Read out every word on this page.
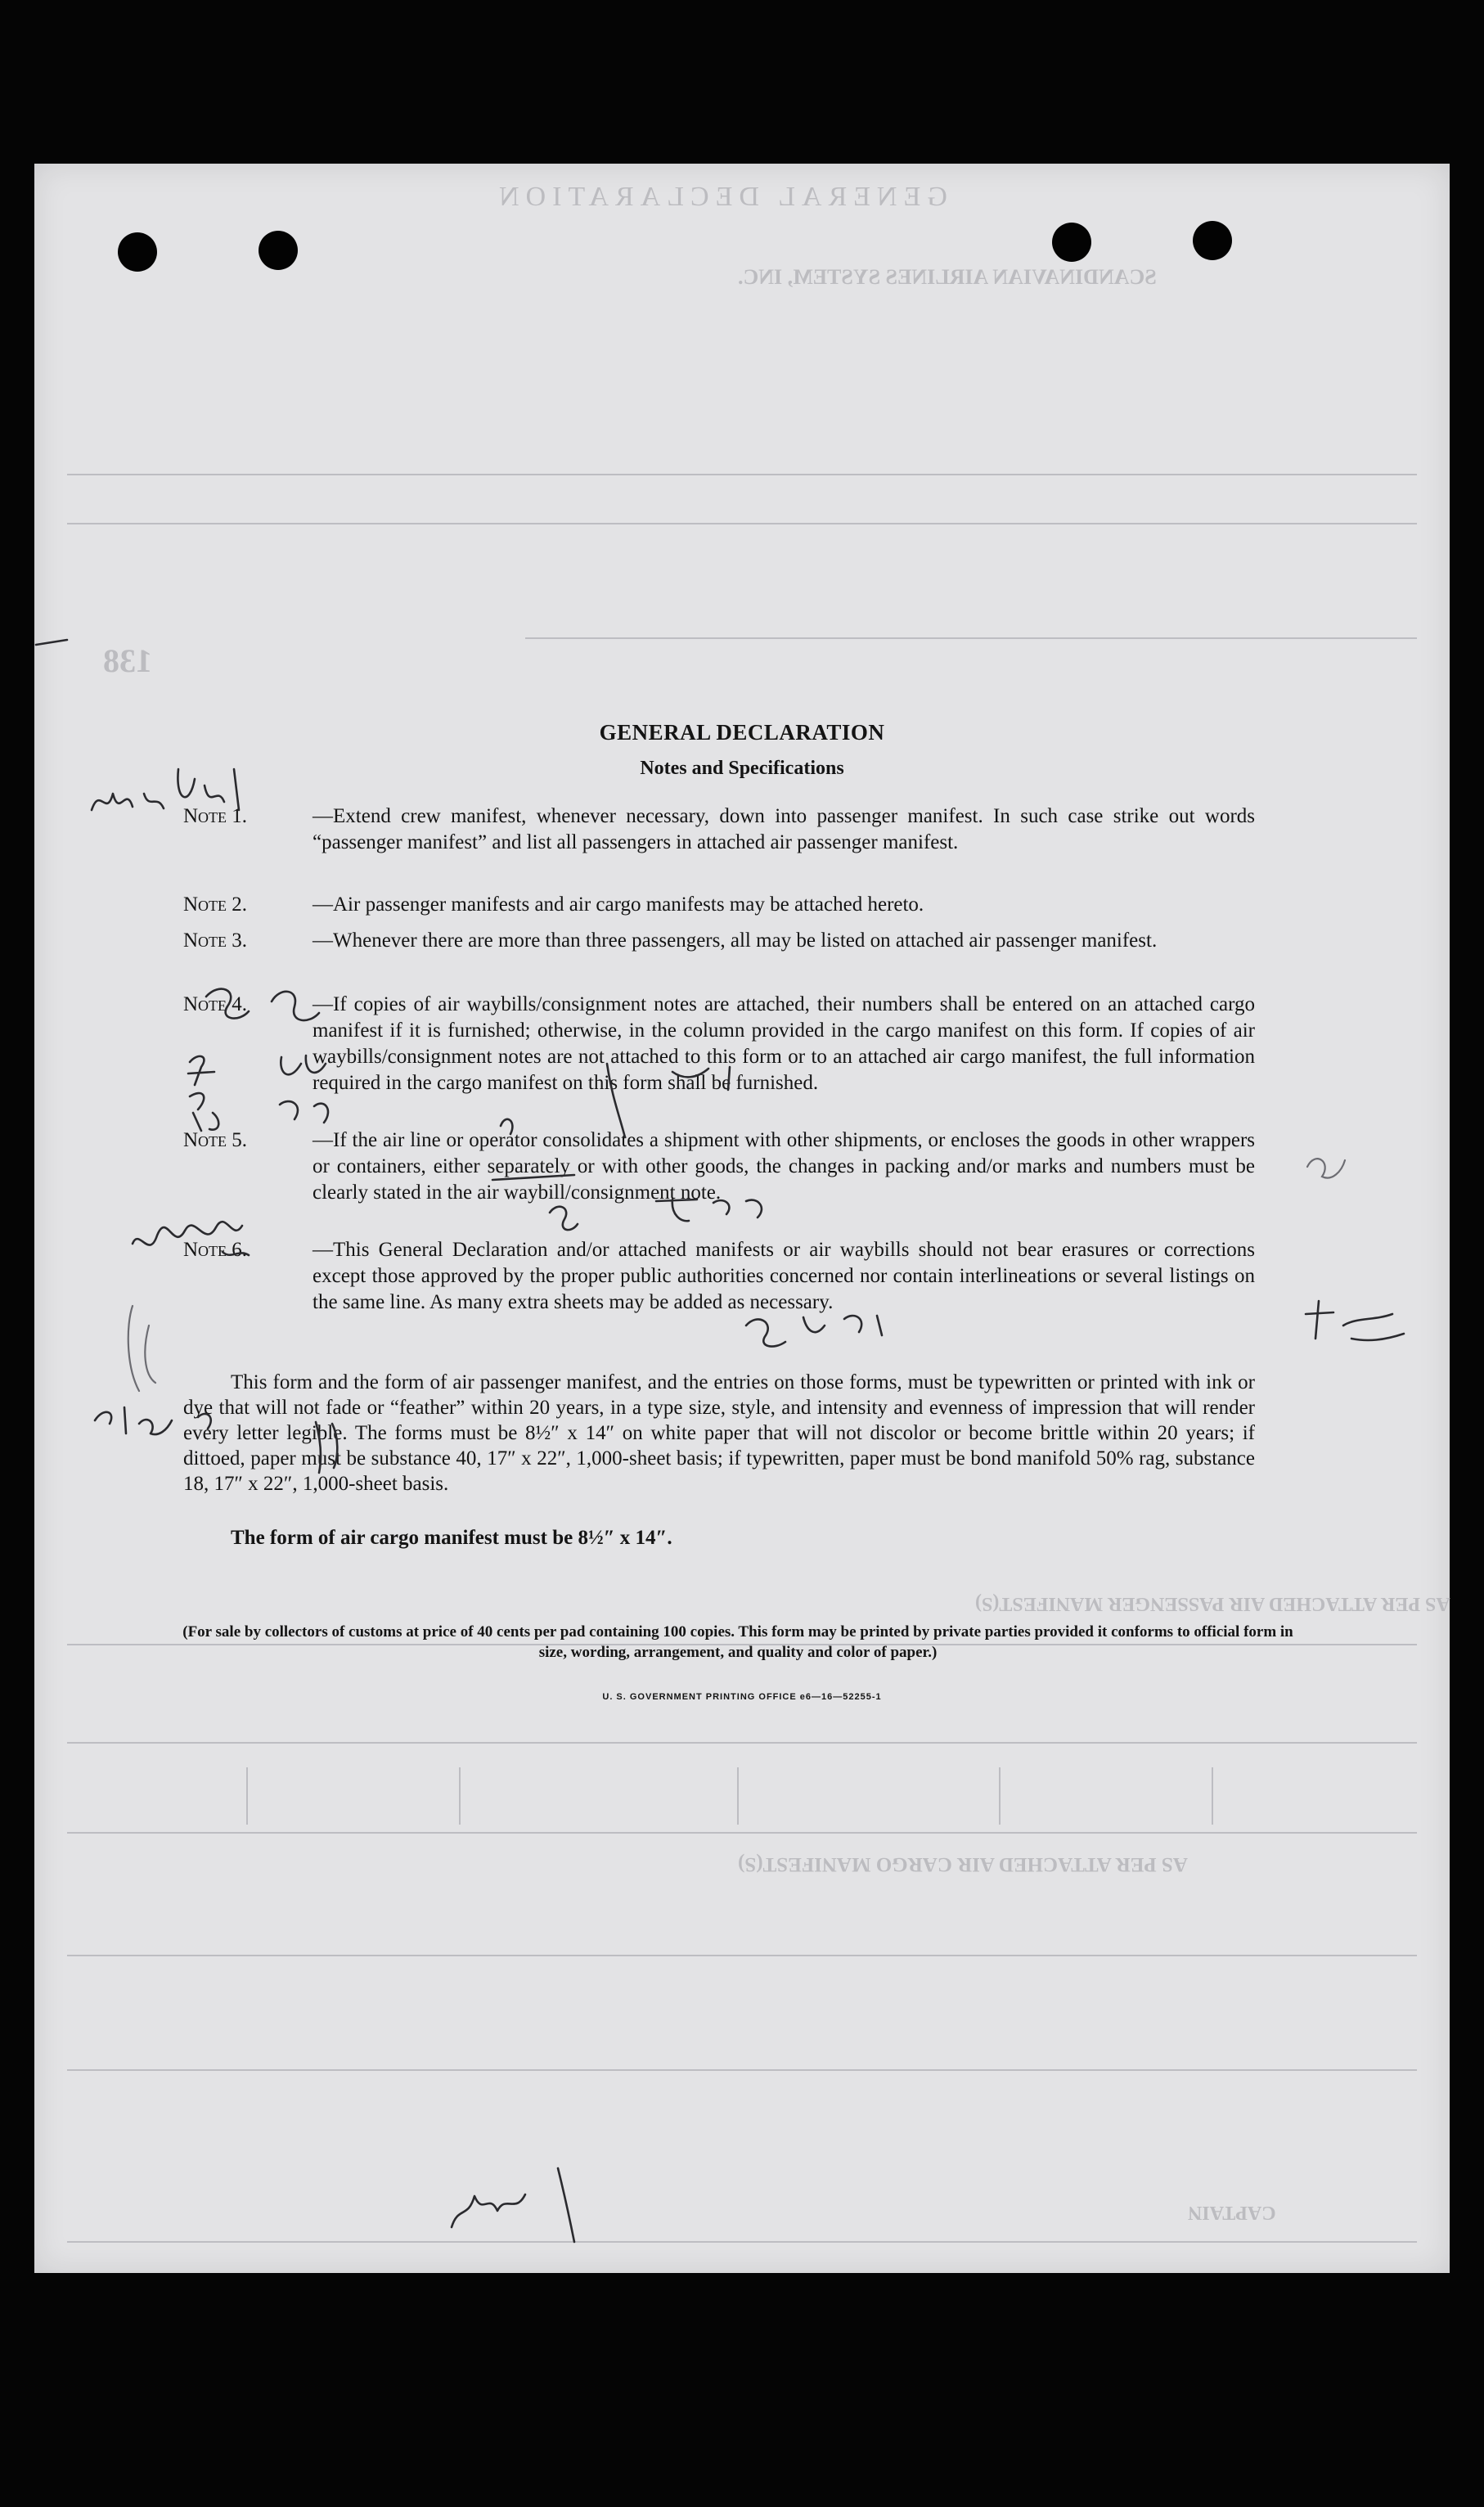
GENERAL DECLARATION
SCANDINAVIAN AIRLINES SYSTEM, INC.
138
AS PER ATTACHED AIR PASSENGER MANIFEST(S)
AS PER ATTACHED AIR CARGO MANIFEST(S)
CAPTAIN
GENERAL DECLARATION
Notes and Specifications
Note 1.	—Extend crew manifest, whenever necessary, down into passenger manifest. In such case strike out words “passenger manifest” and list all passengers in attached air passenger manifest.
Note 2.	—Air passenger manifests and air cargo manifests may be attached hereto.
Note 3.	—Whenever there are more than three passengers, all may be listed on attached air passenger manifest.
Note 4.	—If copies of air waybills/consignment notes are attached, their numbers shall be entered on an attached cargo manifest if it is furnished; otherwise, in the column provided in the cargo manifest on this form. If copies of air waybills/consignment notes are not attached to this form or to an attached air cargo manifest, the full information required in the cargo manifest on this form shall be furnished.
Note 5.	—If the air line or operator consolidates a shipment with other shipments, or encloses the goods in other wrappers or containers, either separately or with other goods, the changes in packing and/or marks and numbers must be clearly stated in the air waybill/consignment note.
Note 6.	—This General Declaration and/or attached manifests or air waybills should not bear erasures or corrections except those approved by the proper public authorities concerned nor contain interlineations or several listings on the same line. As many extra sheets may be added as necessary.
This form and the form of air passenger manifest, and the entries on those forms, must be typewritten or printed with ink or dye that will not fade or “feather” within 20 years, in a type size, style, and intensity and evenness of impression that will render every letter legible. The forms must be 8½″ x 14″ on white paper that will not discolor or become brittle within 20 years; if dittoed, paper must be substance 40, 17″ x 22″, 1,000-sheet basis; if typewritten, paper must be bond manifold 50% rag, substance 18, 17″ x 22″, 1,000-sheet basis.
The form of air cargo manifest must be 8½″ x 14″.
(For sale by collectors of customs at price of 40 cents per pad containing 100 copies. This form may be printed by private parties provided it conforms to official form in size, wording, arrangement, and quality and color of paper.)
U. S. GOVERNMENT PRINTING OFFICE e6—16—52255-1
